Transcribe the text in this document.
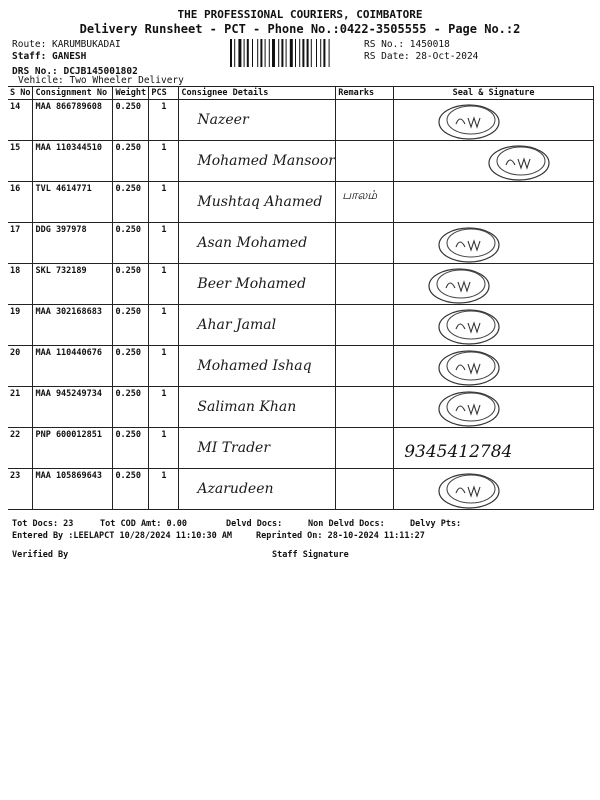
THE PROFESSIONAL COURIERS, COIMBATORE
Delivery Runsheet - PCT - Phone No.:0422-3505555 - Page No.:2
Route: KARUMBUKADAI
Staff: GANESH
DRS No.: DCJB145001802
Vehicle: Two Wheeler Delivery
RS No.: 1450018
RS Date: 28-Oct-2024
S No	Consignment No	Weight	PCS	Consignee Details	Remarks	Seal & Signature
14	MAA 866789608	0.250	1	Nazeer

15	MAA 110344510	0.250	1	Mohamed Mansoor

16	TVL 4614771	0.250	1	Mushtaq Ahamed	பாலம்	

17	DDG 397978	0.250	1	Asan Mohamed

18	SKL 732189	0.250	1	Beer Mohamed

19	MAA 302168683	0.250	1	Ahar Jamal

20	MAA 110440676	0.250	1	Mohamed Ishaq

21	MAA 945249734	0.250	1	Saliman Khan

22	PNP 600012851	0.250	1	MI Trader		9345412784

23	MAA 105869643	0.250	1	Azarudeen

Tot Docs: 23	Tot COD Amt: 0.00	Delvd Docs:	Non Delvd Docs:	Delvy Pts:
Entered By :LEELAPCT 10/28/2024 11:10:30 AM	Reprinted On: 28-10-2024 11:11:27
Verified By	Staff Signature
